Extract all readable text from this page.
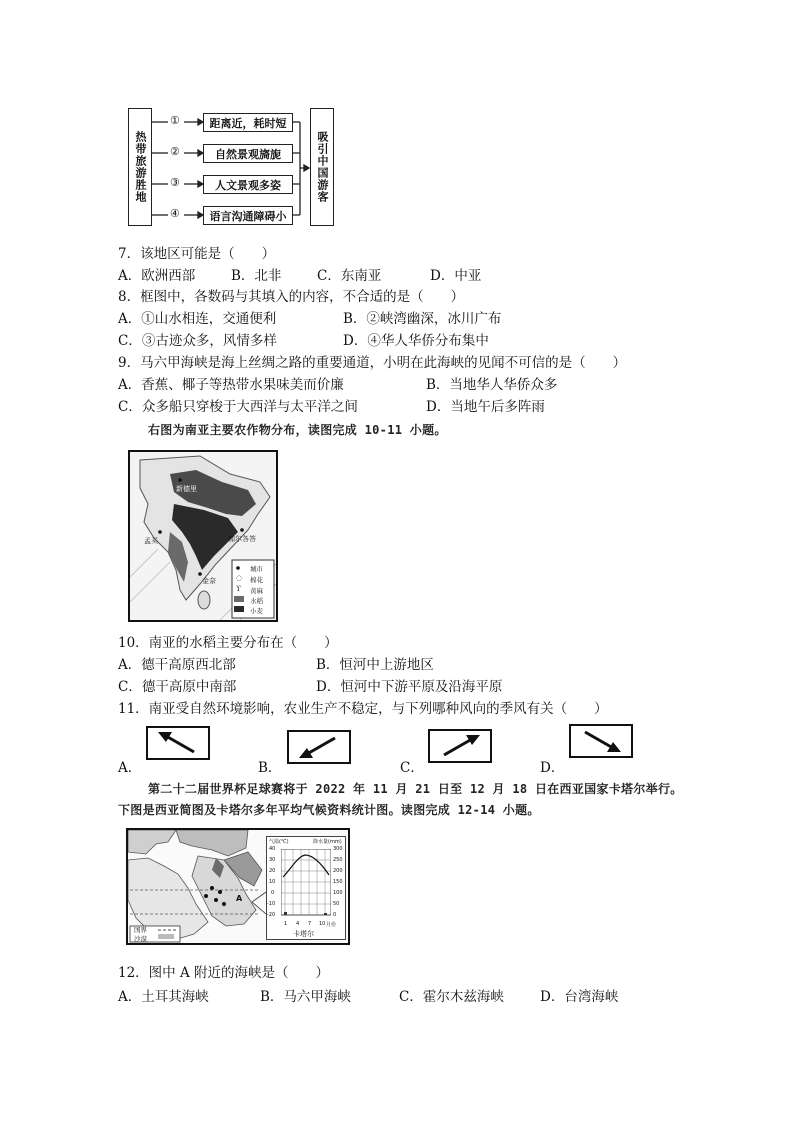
热带旅游胜地
①
②
③
④
距离近，耗时短
自然景观旖旎
人文景观多姿
语言沟通障碍小
吸引中国游客
7．该地区可能是（　　）
A．欧洲西部	B．北非	C．东南亚	D．中亚
8．框图中，各数码与其填入的内容，不合适的是（　　）
A．①山水相连，交通便利	B．②峡湾幽深，冰川广布
C．③古迹众多，风情多样	D．④华人华侨分布集中
9．马六甲海峡是海上丝绸之路的重要通道，小明在此海峡的见闻不可信的是（　　）
A．香蕉、椰子等热带水果味美而价廉	B．当地华人华侨众多
C．众多船只穿梭于大西洋与太平洋之间	D．当地午后多阵雨
右图为南亚主要农作物分布，读图完成 10-11 小题。
◌
ϒ
新德里
孟买	加尔各答
金奈
城市
棉花
黄麻
水稻
小麦
10．南亚的水稻主要分布在（　　）
A．德干高原西北部	B．恒河中上游地区
C．德干高原中南部	D．恒河中下游平原及沿海平原
11．南亚受自然环境影响，农业生产不稳定，与下列哪种风向的季风有关（　　）
A．	B．	C．	D．
第二十二届世界杯足球赛将于 2022 年 11 月 21 日至 12 月 18 日在西亚国家卡塔尔举行。
下图是西亚简图及卡塔尔多年平均气候资料统计图。读图完成 12-14 小题。
A
国界
沙漠
气温(℃)	降水量(mm)
40
30
20
10
0
-10
-20
300
250
200
150
100
50
0
1 4 7 10 月份
卡塔尔
12．图中 A 附近的海峡是（　　）
A．土耳其海峡	B．马六甲海峡	C．霍尔木兹海峡	D．台湾海峡
